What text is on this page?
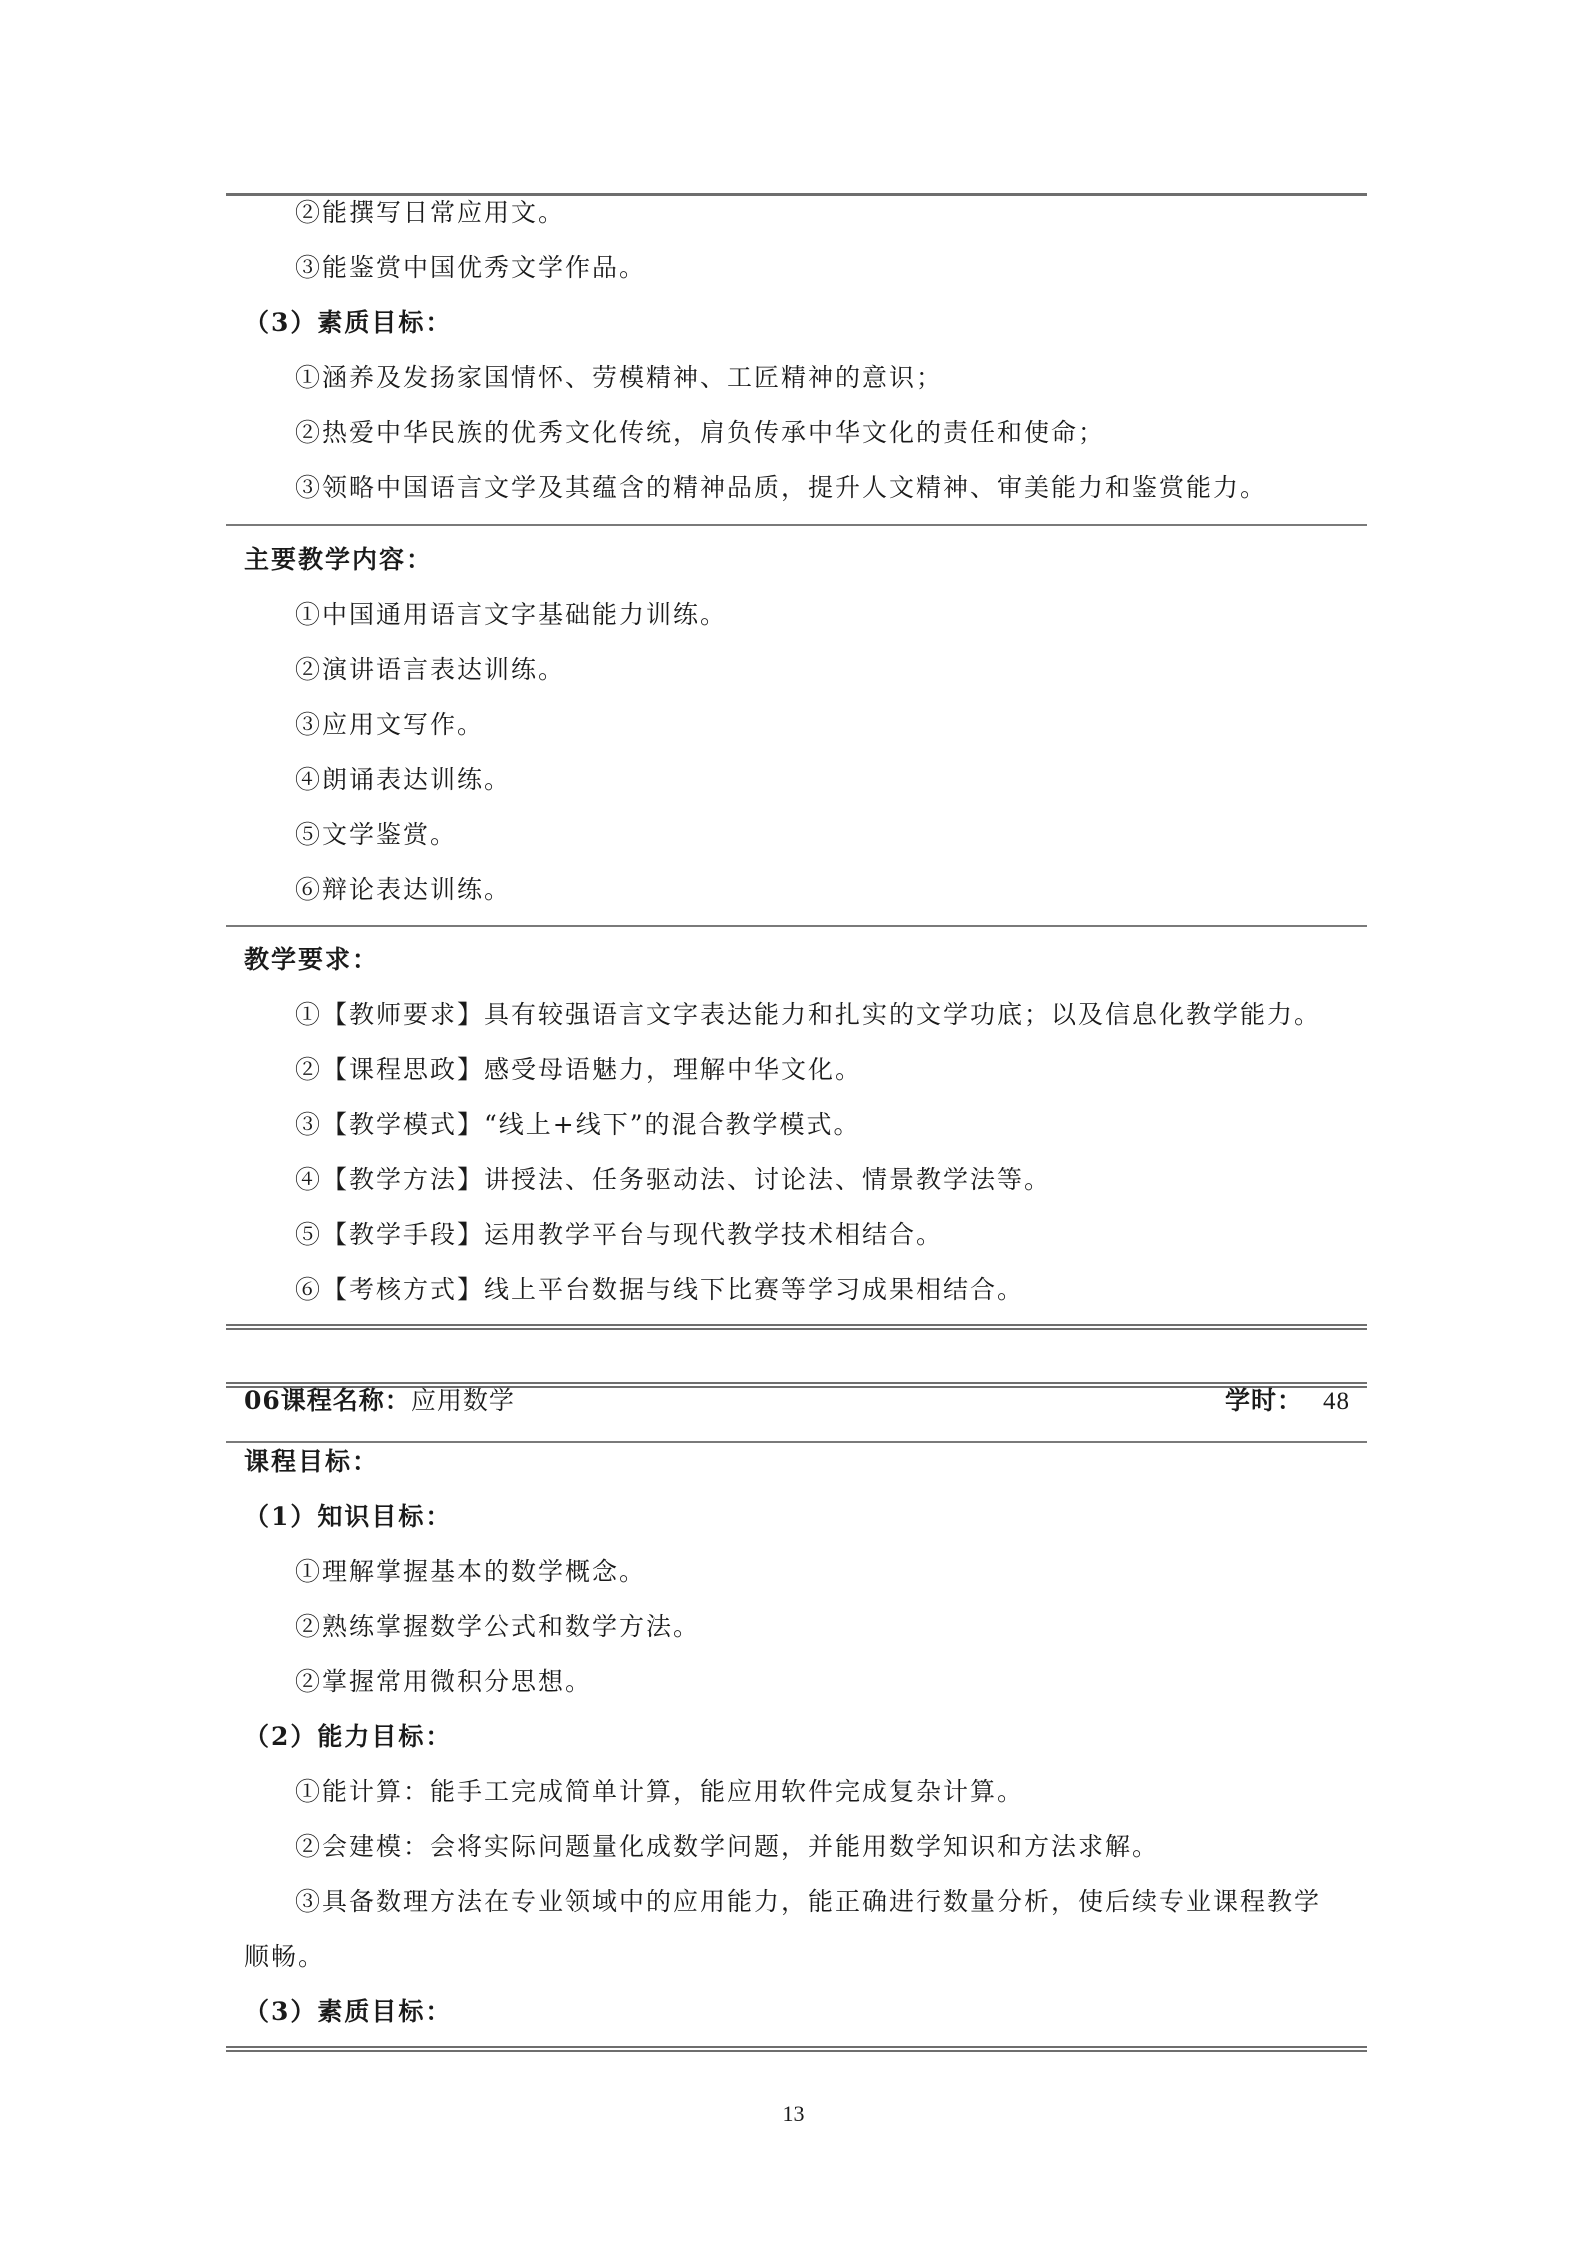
②能撰写日常应用文。
③能鉴赏中国优秀文学作品。
（3）素质目标：
①涵养及发扬家国情怀、劳模精神、工匠精神的意识；
②热爱中华民族的优秀文化传统，肩负传承中华文化的责任和使命；
③领略中国语言文学及其蕴含的精神品质，提升人文精神、审美能力和鉴赏能力。
主要教学内容：
①中国通用语言文字基础能力训练。
②演讲语言表达训练。
③应用文写作。
④朗诵表达训练。
⑤文学鉴赏。
⑥辩论表达训练。
教学要求：
①【教师要求】具有较强语言文字表达能力和扎实的文学功底；以及信息化教学能力。
②【课程思政】感受母语魅力，理解中华文化。
③【教学模式】“线上+线下”的混合教学模式。
④【教学方法】讲授法、任务驱动法、讨论法、情景教学法等。
⑤【教学手段】运用教学平台与现代教学技术相结合。
⑥【考核方式】线上平台数据与线下比赛等学习成果相结合。
06课程名称：应用数学	学时： 48
课程目标：
（1）知识目标：
①理解掌握基本的数学概念。
②熟练掌握数学公式和数学方法。
②掌握常用微积分思想。
（2）能力目标：
①能计算：能手工完成简单计算，能应用软件完成复杂计算。
②会建模：会将实际问题量化成数学问题，并能用数学知识和方法求解。
③具备数理方法在专业领域中的应用能力，能正确进行数量分析，使后续专业课程教学
顺畅。
（3）素质目标：
13
